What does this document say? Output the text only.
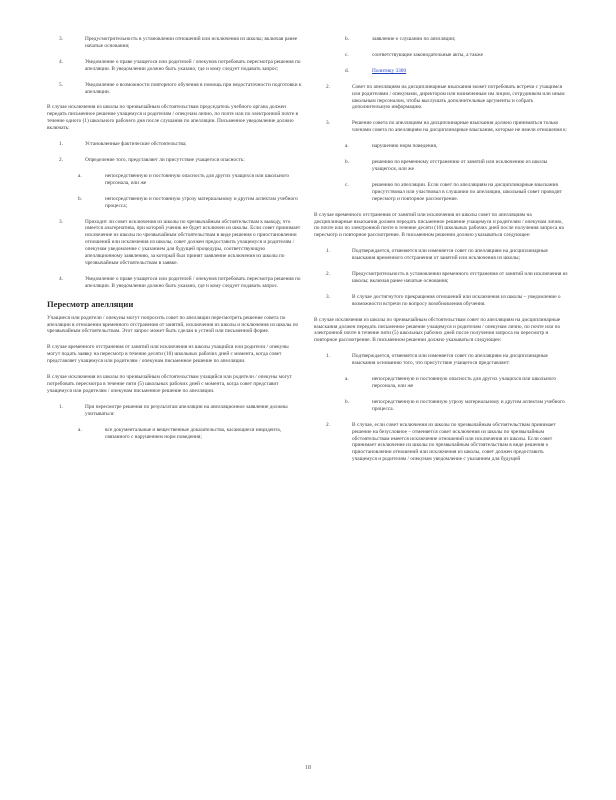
3.	Предусмотрительность в установлении отношений или исключения из школы; включая ранее начатые основания;
4.	Уведомление о праве учащегося или родителей / опекунов потребовать пересмотра решения по апелляции. В уведомлении должно быть указано, где и кому следует подавать запрос;
5.	Уведомление о возможности повторного обучения в помощь при недостаточности подготовки к апелляции.

В случае исключения из школы по чрезвычайным обстоятельствам председатель учебного органа должен передать письменное решение учащемуся и родителям / опекунам лично, по почте или по электронной почте в течение одного (1) школьного рабочего дня после слушания по апелляции. Письменное уведомление должно включать:

1.	Установленные фактические обстоятельства;
2.	Определение того, представляет ли присутствие учащегося опасность:
a.	непосредственную и постоянную опасность для других учащихся или школьного персонала, или же
b.	непосредственную и постоянную угрозу материальному и другим аспектам учебного процесса;
3.	Приходит ли совет исключения из школы по чрезвычайным обстоятельствам к выводу, что имеется альтернатива, при которой ученик не будет исключен из школы. Если совет принимает исключение из школы по чрезвычайным обстоятельствам в виде решения о приостановлении отношений или исключения из школы, совет должен предоставить учащемуся и родителям / опекунам уведомление с указанием для будущей процедуры, соответствующую апелляционному заявлению, за который был принят заявление исключения из школы по чрезвычайным обстоятельствам в заявке.
4.	Уведомление о праве учащегося или родителей / опекунов потребовать пересмотра решения по апелляции. В уведомлении должно быть указано, где и кому следует подавать запрос.
Пересмотр апелляции

Учащиеся или родители / опекуны могут попросить совет по апелляции пересмотреть решение совета по апелляции в отношении временного отстранения от занятий, исключения из школы и исключения из школы по чрезвычайным обстоятельствам. Этот запрос может быть сделан в устной или письменной форме.

В случае временного отстранения от занятий или исключения из школы учащийся или родители / опекуны могут подать заявку на пересмотр в течение десяти (10) школьных рабочих дней с момента, когда совет представляет учащемуся или родителям / опекунам письменное решение по апелляции.

В случае исключения из школы по чрезвычайным обстоятельствам учащийся или родители / опекуны могут потребовать пересмотра в течение пяти (5) школьных рабочих дней с момента, когда совет представит учащемуся или родителям / опекунам письменное решение по апелляции.

1.	При пересмотре решения по результатам апелляции на апелляционное заявление должны учитываться:
a.	все документальные и вещественные доказательства, касающиеся инцидента, связанного с нарушением норм поведения;
b.	заявление о слушании по апелляции;
c.	соответствующие законодательные акты, а также
d.	Политику 3300
2.	Совет по апелляциям на дисциплинарные взыскания может потребовать встречи с учащимся или родителями / опекунами, директором или назначенным им лицом, сотрудником или иным школьным персоналом, чтобы выслушать дополнительные аргументы и собрать дополнительную информацию.
3.	Решение совета по апелляциям на дисциплинарные взыскания должно приниматься только членами совета по апелляциям на дисциплинарные взыскания, которые не имели отношения к:
a.	нарушению норм поведения,
b.	решению по временному отстранению от занятий или исключению из школы учащегося, или же
c.	решению по апелляции. Если совет по апелляциям на дисциплинарные взыскания присутствовал или участвовал в слушании по апелляции, школьный совет проводит пересмотр и повторное рассмотрение.

В случае временного отстранения от занятий или исключения из школы совет по апелляциям на дисциплинарные взыскания должен передать письменное решение учащемуся и родителям / опекунам лично, по почте или по электронной почте в течение десяти (10) школьных рабочих дней после получения запроса на пересмотр и повторное рассмотрение. В письменном решении должно указываться следующее:

1.	Подтверждается, отменяется или изменяется совет по апелляциям на дисциплинарные взыскания временного отстранения от занятий или исключения из школы;
2.	Предусмотрительность в установлении временного отстранения от занятий или исключения из школы; включая ранее начатые основания;
3.	В случае достигнутого прекращения отношений или исключения из школы – уведомление о возможности встречи по вопросу возобновления обучения.

В случае исключения из школы по чрезвычайным обстоятельствам совет по апелляциям на дисциплинарные взыскания должен передать письменное решение учащемуся и родителям / опекунам лично, по почте или по электронной почте в течение пяти (5) школьных рабочих дней после получения запроса на пересмотр и повторное рассмотрение. В письменном решении должно указываться следующее:

1.	Подтверждается, отменяется или изменяется совет по апелляциям на дисциплинарные взыскания основанию того, что присутствие учащегося представляет:
a.	непосредственную и постоянную опасность для других учащихся или школьного персонала, или же
b.	непосредственную и постоянную угрозу материальному и другим аспектам учебного процесса.
2.	В случае, если совет исключения из школы по чрезвычайным обстоятельствам принимает решение на безусловное – отменяется совет исключения из школы по чрезвычайным обстоятельствам имеется исключение отношений или исключения из школы. Если совет принимает исключение из школы по чрезвычайным обстоятельствам в виде решения о приостановлении отношений или исключения из школы, совет должен предоставить учащемуся и родителям / опекунам уведомление с указанием для будущей
18
